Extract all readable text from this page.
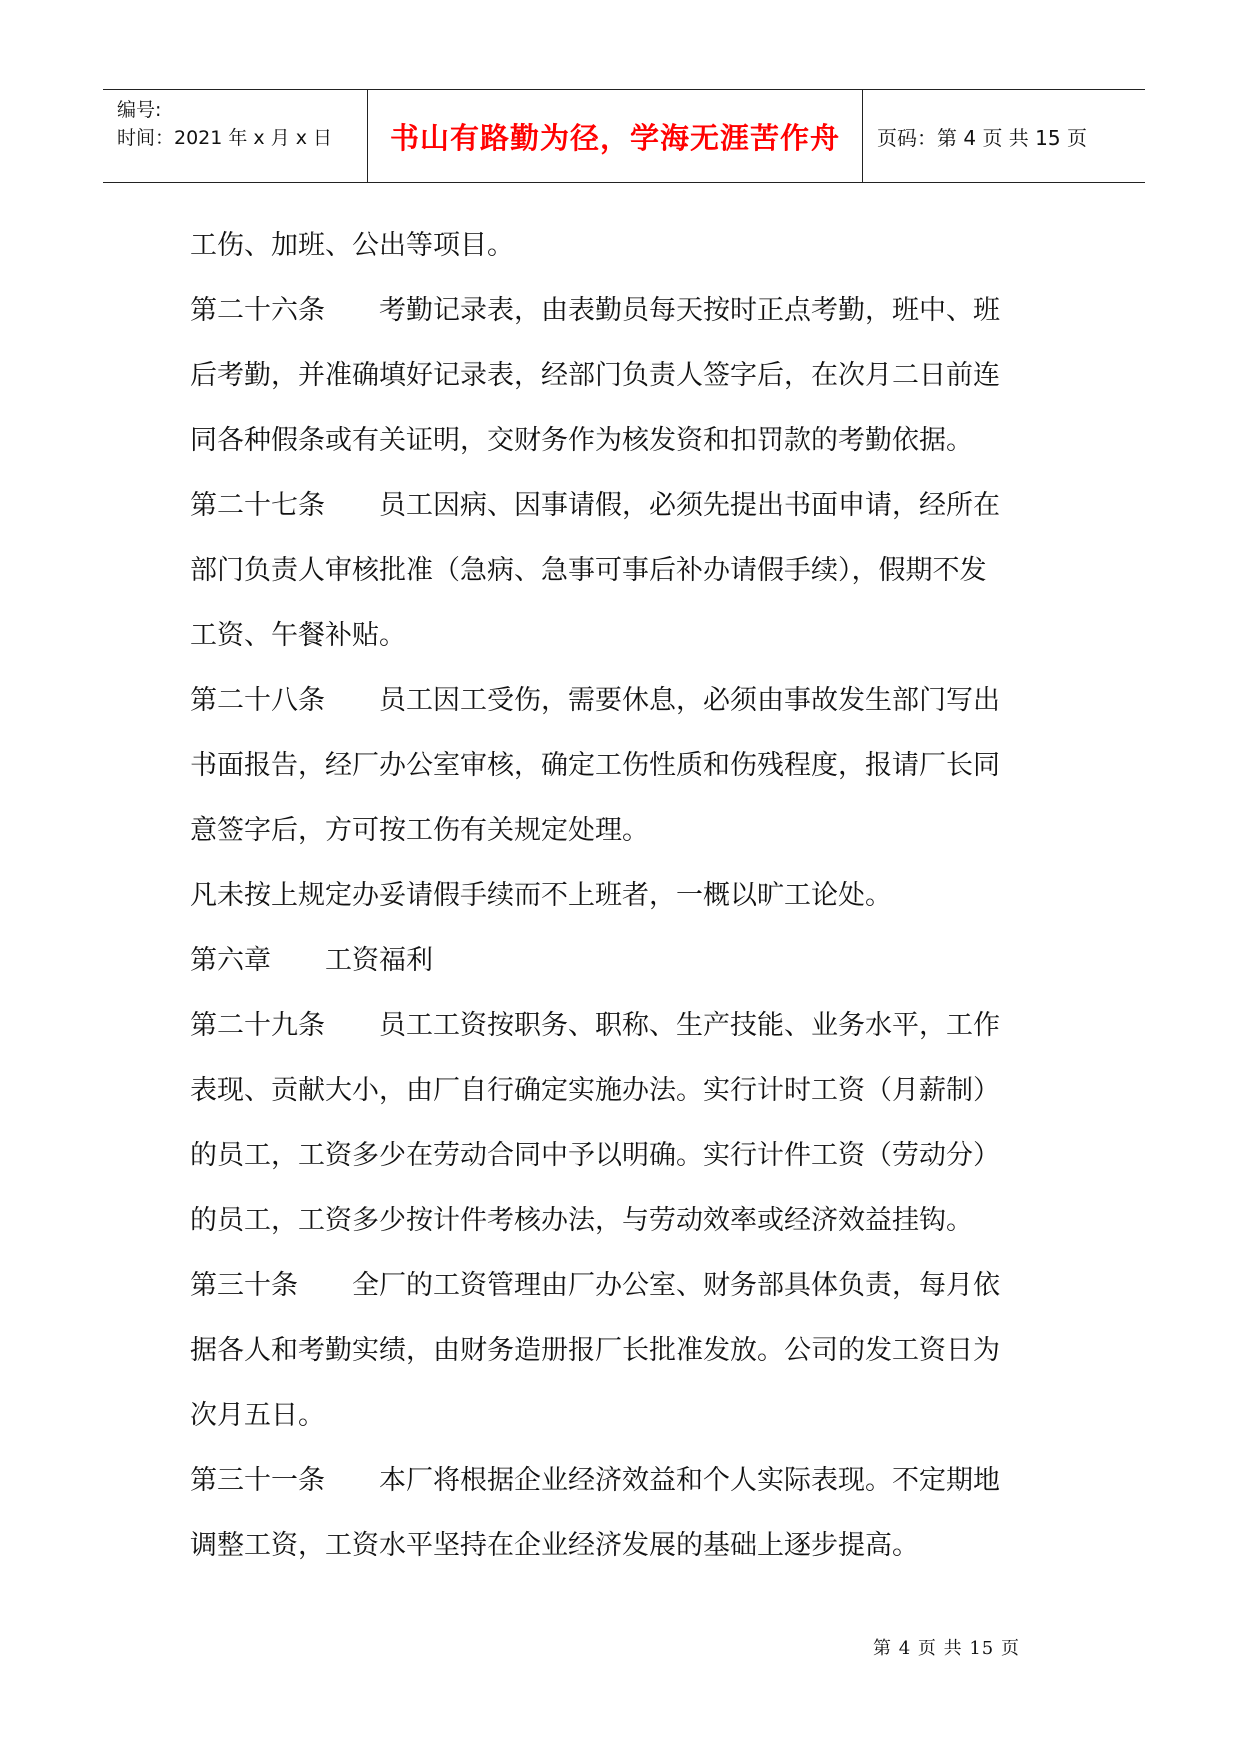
编号:
时间：2021 年 x 月 x 日	书山有路勤为径，学海无涯苦作舟 页码：第 4 页 共 15 页

工伤、加班、公出等项目。

第二十六条　　考勤记录表，由表勤员每天按时正点考勤，班中、班

后考勤，并准确填好记录表，经部门负责人签字后，在次月二日前连

同各种假条或有关证明，交财务作为核发资和扣罚款的考勤依据。

第二十七条　　员工因病、因事请假，必须先提出书面申请，经所在

部门负责人审核批准（急病、急事可事后补办请假手续），假期不发

工资、午餐补贴。

第二十八条　　员工因工受伤，需要休息，必须由事故发生部门写出

书面报告，经厂办公室审核，确定工伤性质和伤残程度，报请厂长同

意签字后，方可按工伤有关规定处理。

凡未按上规定办妥请假手续而不上班者，一概以旷工论处。

第六章　　工资福利

第二十九条　　员工工资按职务、职称、生产技能、业务水平，工作

表现、贡献大小，由厂自行确定实施办法。实行计时工资（月薪制）

的员工，工资多少在劳动合同中予以明确。实行计件工资（劳动分）

的员工，工资多少按计件考核办法，与劳动效率或经济效益挂钩。

第三十条　　全厂的工资管理由厂办公室、财务部具体负责，每月依

据各人和考勤实绩，由财务造册报厂长批准发放。公司的发工资日为

次月五日。

第三十一条　　本厂将根据企业经济效益和个人实际表现。不定期地

调整工资，工资水平坚持在企业经济发展的基础上逐步提高。

第 4 页 共 15 页
